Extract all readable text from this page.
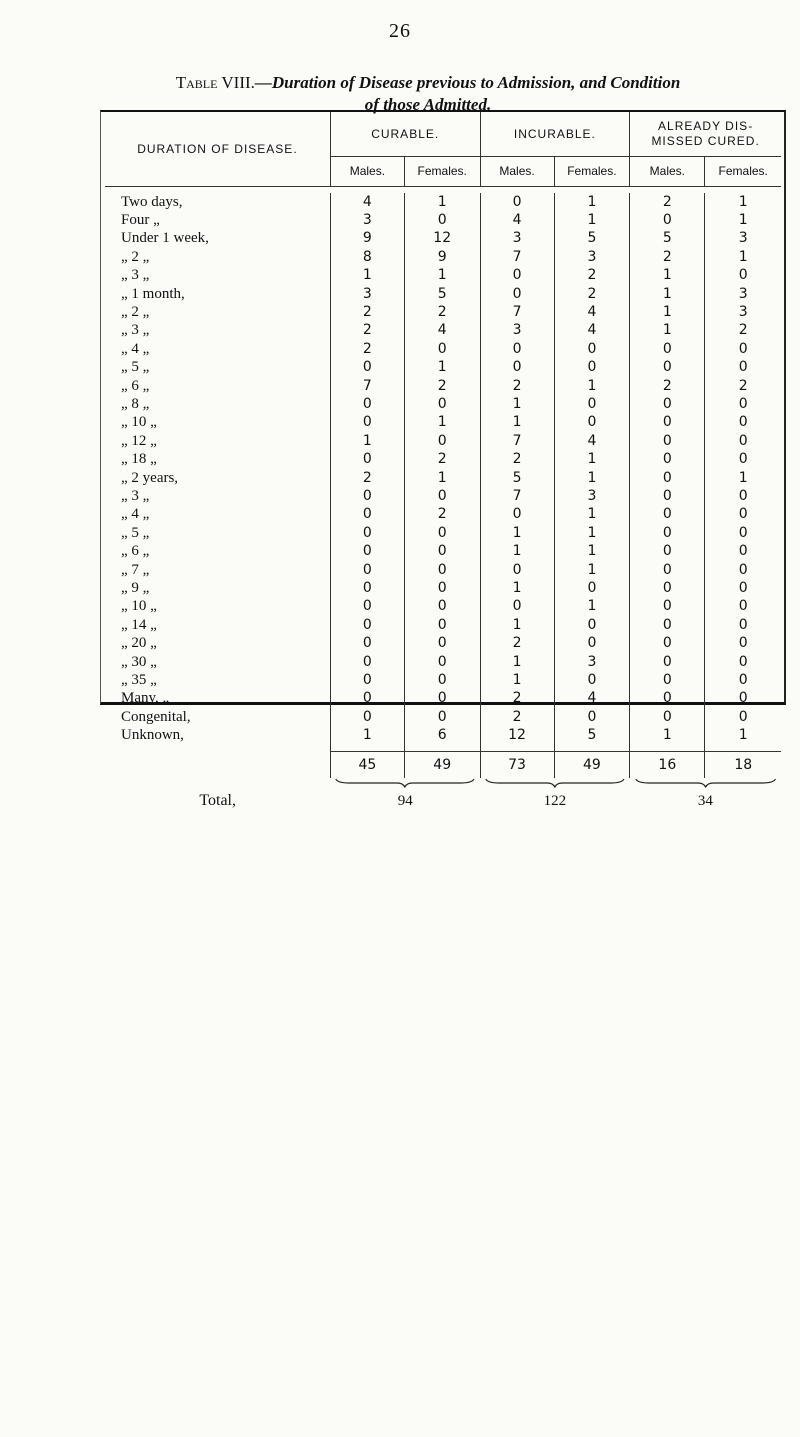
26
Table VIII.—Duration of Disease previous to Admission, and Condition
of those Admitted.
DURATION OF DISEASE.	CURABLE.		INCURABLE.		ALREADY DIS- MISSED CURED.	
	Males.	Females.	Males.	Females.	Males.	Females.

Two days,	4	1	0	1	2	1
Four „	3	0	4	1	0	1
Under 1 week,	9	12	3	5	5	3
„ 2 „	8	9	7	3	2	1
„ 3 „	1	1	0	2	1	0
„ 1 month,	3	5	0	2	1	3
„ 2 „	2	2	7	4	1	3
„ 3 „	2	4	3	4	1	2
„ 4 „	2	0	0	0	0	0
„ 5 „	0	1	0	0	0	0
„ 6 „	7	2	2	1	2	2
„ 8 „	0	0	1	0	0	0
„ 10 „	0	1	1	0	0	0
„ 12 „	1	0	7	4	0	0
„ 18 „	0	2	2	1	0	0
„ 2 years,	2	1	5	1	0	1
„ 3 „	0	0	7	3	0	0
„ 4 „	0	2	0	1	0	0
„ 5 „	0	0	1	1	0	0
„ 6 „	0	0	1	1	0	0
„ 7 „	0	0	0	1	0	0
„ 9 „	0	0	1	0	0	0
„ 10 „	0	0	0	1	0	0
„ 14 „	0	0	1	0	0	0
„ 20 „	0	0	2	0	0	0
„ 30 „	0	0	1	3	0	0
„ 35 „	0	0	1	0	0	0
Many, „	0	0	2	4	0	0
Congenital,	0	0	2	0	0	0
Unknown,	1	6	12	5	1	1

	45	49	73	49	16	18

Total,	94		122		34	
